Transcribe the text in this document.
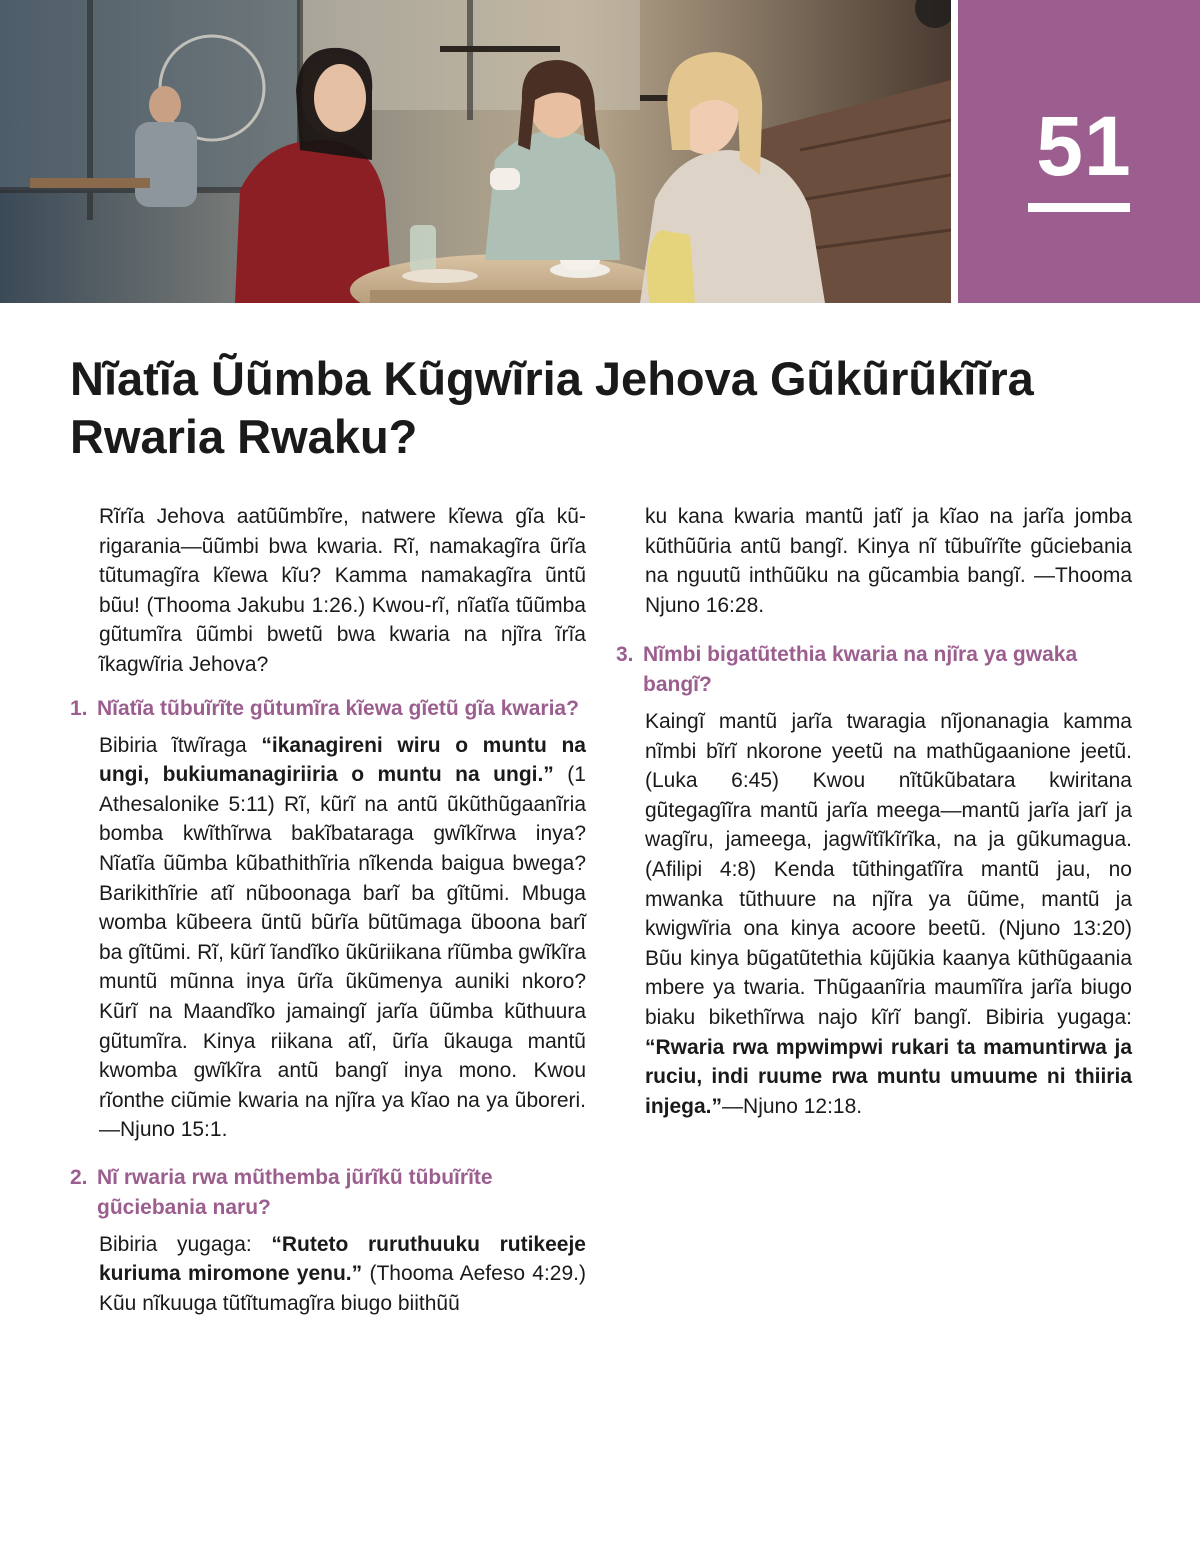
51
Nĩatĩa Ũũmba Kũgwĩria Jehova Gũkũrũkĩĩra Rwaria Rwaku?

Rĩrĩa Jehova aatũũmbĩre, natwere kĩewa gĩa kũrigarania—ũũmbi bwa kwaria. Rĩ, namakagĩra ũrĩa tũtumagĩra kĩewa kĩu? Kamma namakagĩra ũntũ bũu! (Thooma Jakubu 1:26.) Kwou-rĩ, nĩatĩa tũũmba gũtumĩra ũũmbi bwetũ bwa kwaria na njĩra ĩrĩa ĩkagwĩria Jehova?

1. Nĩatĩa tũbuĩrĩte gũtumĩra kĩewa gĩetũ gĩa kwaria?

Bibiria ĩtwĩraga “ikanagireni wiru o muntu na ungi, bukiumanagiriiria o muntu na ungi.” (1 Athesalonike 5:11) Rĩ, kũrĩ na antũ ũkũthũgaanĩria bomba kwĩthĩrwa bakĩbataraga gwĩkĩrwa inya? Nĩatĩa ũũmba kũbathithĩria nĩkenda baigua bwega? Barikithĩrie atĩ nũboonaga barĩ ba gĩtũmi. Mbuga womba kũbeera ũntũ bũrĩa bũtũmaga ũboona barĩ ba gĩtũmi. Rĩ, kũrĩ ĩandĩko ũkũriikana rĩũmba gwĩkĩra muntũ mũnna inya ũrĩa ũkũmenya auniki nkoro? Kũrĩ na Maandĩko jamaingĩ jarĩa ũũmba kũthuura gũtumĩra. Kinya riikana atĩ, ũrĩa ũkauga mantũ kwomba gwĩkĩra antũ bangĩ inya mono. Kwou rĩonthe ciũmie kwaria na njĩra ya kĩao na ya ũboreri.—Njuno 15:1.

2. Nĩ rwaria rwa mũthemba jũrĩkũ tũbuĩrĩte gũciebania naru?

Bibiria yugaga: “Ruteto ruruthuuku rutikeeje kuriuma miromone yenu.” (Thooma Aefeso 4:29.) Kũu nĩkuuga tũtĩtumagĩra biugo biithũũ

3. Nĩmbi bigatũtethia kwaria na njĩra ya gwaka bangĩ?

Kaingĩ mantũ jarĩa twaragia nĩjonanagia kamma nĩmbi bĩrĩ nkorone yeetũ na mathũgaanione jeetũ. (Luka 6:45) Kwou nĩtũkũbatara kwiritana gũtegagĩĩra mantũ jarĩa meega—mantũ jarĩa jarĩ ja wagĩru, jameega, jagwĩtĩkĩrĩka, na ja gũkumagua. (Afilipi 4:8) Kenda tũthingatĩĩra mantũ jau, no mwanka tũthuure na njĩra ya ũũme, mantũ ja kwigwĩria ona kinya acoore beetũ. (Njuno 13:20) Bũu kinya bũgatũtethia kũjũkia kaanya kũthũgaania mbere ya twaria. Thũgaanĩria maumĩĩra jarĩa biugo biaku bikethĩrwa najo kĩrĩ bangĩ. Bibiria yugaga: “Rwaria rwa mpwimpwi rukari ta mamuntirwa ja ruciu, indi ruume rwa muntu umuume ni thiiria injega.”—Njuno 12:18.

ku kana kwaria mantũ jatĩ ja kĩao na jarĩa jomba kũthũũria antũ bangĩ. Kinya nĩ tũbuĩrĩte gũciebania na nguutũ inthũũku na gũcambia bangĩ. —Thooma Njuno 16:28.
